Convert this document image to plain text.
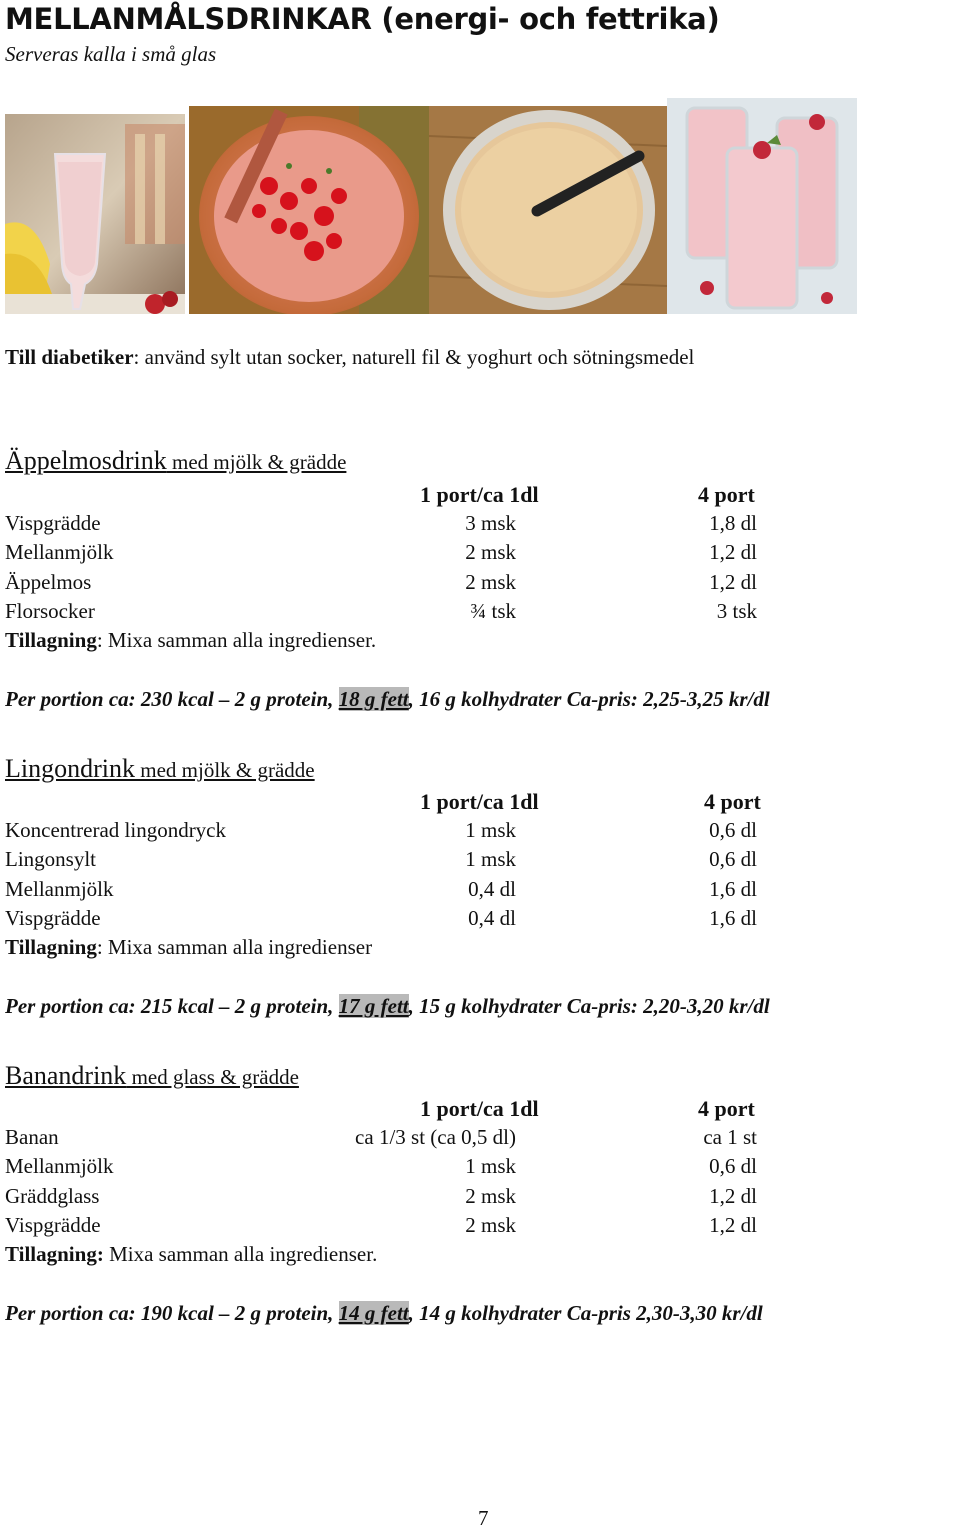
MELLANMÅLSDRINKAR (energi- och fettrika)
Serveras kalla i små glas
Till diabetiker: använd sylt utan socker, naturell fil & yoghurt och sötningsmedel
Äppelmosdrink med mjölk & grädde
1 port/ca 1dl	4 port
Vispgrädde	3 msk	1,8 dl
Mellanmjölk	2 msk	1,2 dl
Äppelmos	2 msk	1,2 dl
Florsocker	¾ tsk	3 tsk
Tillagning: Mixa samman alla ingredienser.
Per portion ca: 230 kcal – 2 g protein, 18 g fett, 16 g kolhydrater Ca-pris: 2,25-3,25 kr/dl
Lingondrink med mjölk & grädde
1 port/ca 1dl	4 port
Koncentrerad lingondryck	1 msk	0,6 dl
Lingonsylt	1 msk	0,6 dl
Mellanmjölk	0,4 dl	1,6 dl
Vispgrädde	0,4 dl	1,6 dl
Tillagning: Mixa samman alla ingredienser
Per portion ca: 215 kcal – 2 g protein, 17 g fett, 15 g kolhydrater Ca-pris: 2,20-3,20 kr/dl
Banandrink med glass & grädde
1 port/ca 1dl	4 port
Banan	ca 1/3 st (ca 0,5 dl)	ca 1 st
Mellanmjölk	1 msk	0,6 dl
Gräddglass	2 msk	1,2 dl
Vispgrädde	2 msk	1,2 dl
Tillagning: Mixa samman alla ingredienser.
Per portion ca: 190 kcal – 2 g protein, 14 g fett, 14 g kolhydrater Ca-pris 2,30-3,30 kr/dl
7
